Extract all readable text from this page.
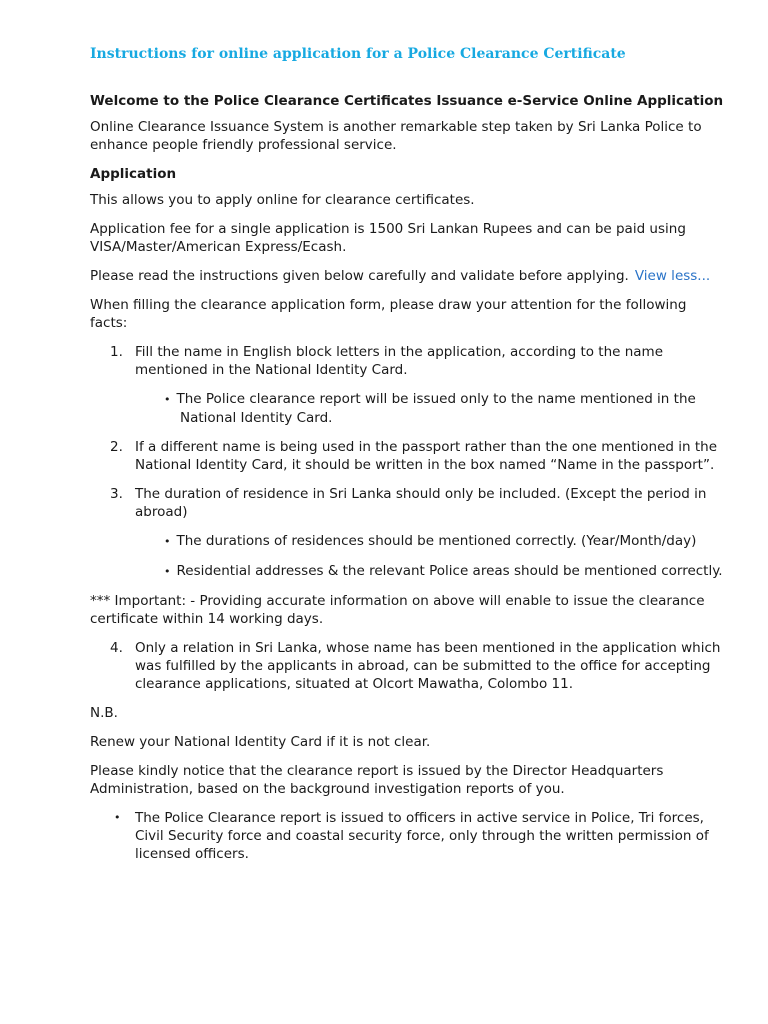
Instructions for online application for a Police Clearance Certificate
Welcome to the Police Clearance Certificates Issuance e-Service Online Application

Online Clearance Issuance System is another remarkable step taken by Sri Lanka Police to enhance people friendly professional service.

Application

This allows you to apply online for clearance certificates.

Application fee for a single application is 1500 Sri Lankan Rupees and can be paid using VISA/Master/American Express/Ecash.

Please read the instructions given below carefully and validate before applying. View less...

When filling the clearance application form, please draw your attention for the following facts:

1. Fill the name in English block letters in the application, according to the name mentioned in the National Identity Card.
• The Police clearance report will be issued only to the name mentioned in the National Identity Card.
2. If a different name is being used in the passport rather than the one mentioned in the National Identity Card, it should be written in the box named “Name in the passport”.
3. The duration of residence in Sri Lanka should only be included. (Except the period in abroad)
• The durations of residences should be mentioned correctly. (Year/Month/day)
• Residential addresses & the relevant Police areas should be mentioned correctly.

*** Important: - Providing accurate information on above will enable to issue the clearance certificate within 14 working days.

4. Only a relation in Sri Lanka, whose name has been mentioned in the application which was fulfilled by the applicants in abroad, can be submitted to the office for accepting clearance applications, situated at Olcort Mawatha, Colombo 11.

N.B.

Renew your National Identity Card if it is not clear.

Please kindly notice that the clearance report is issued by the Director Headquarters Administration, based on the background investigation reports of you.

• The Police Clearance report is issued to officers in active service in Police, Tri forces, Civil Security force and coastal security force, only through the written permission of licensed officers.
